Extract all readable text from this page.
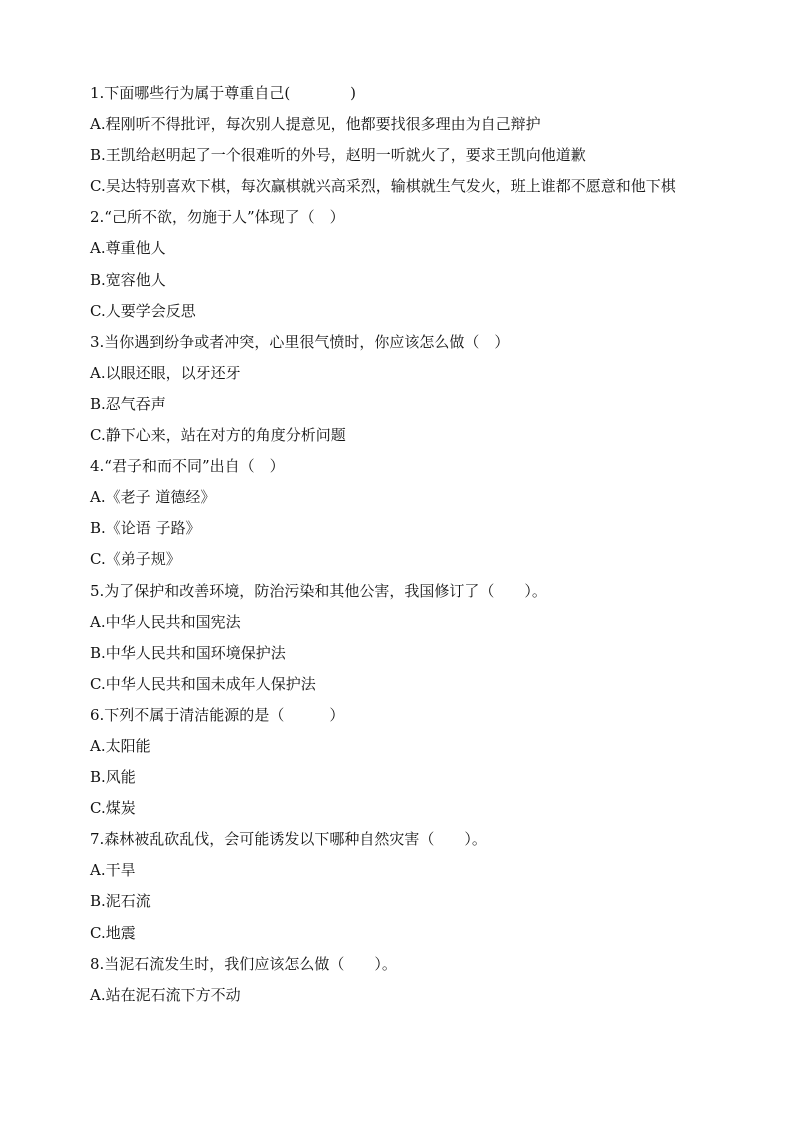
1.下面哪些行为属于尊重自己(　　　　)
A.程刚听不得批评，每次别人提意见，他都要找很多理由为自己辩护
B.王凯给赵明起了一个很难听的外号，赵明一听就火了，要求王凯向他道歉
C.吴达特别喜欢下棋，每次赢棋就兴高采烈，输棋就生气发火，班上谁都不愿意和他下棋
2.“己所不欲，勿施于人”体现了（　）
A.尊重他人
B.宽容他人
C.人要学会反思
3.当你遇到纷争或者冲突，心里很气愤时，你应该怎么做（　）
A.以眼还眼，以牙还牙
B.忍气吞声
C.静下心来，站在对方的角度分析问题
4.“君子和而不同”出自（　）
A.《老子 道德经》
B.《论语 子路》
C.《弟子规》
5.为了保护和改善环境，防治污染和其他公害，我国修订了（　　）。
A.中华人民共和国宪法
B.中华人民共和国环境保护法
C.中华人民共和国未成年人保护法
6.下列不属于清洁能源的是（　　　）
A.太阳能
B.风能
C.煤炭
7.森林被乱砍乱伐，会可能诱发以下哪种自然灾害（　　）。
A.干旱
B.泥石流
C.地震
8.当泥石流发生时，我们应该怎么做（　　）。
A.站在泥石流下方不动
